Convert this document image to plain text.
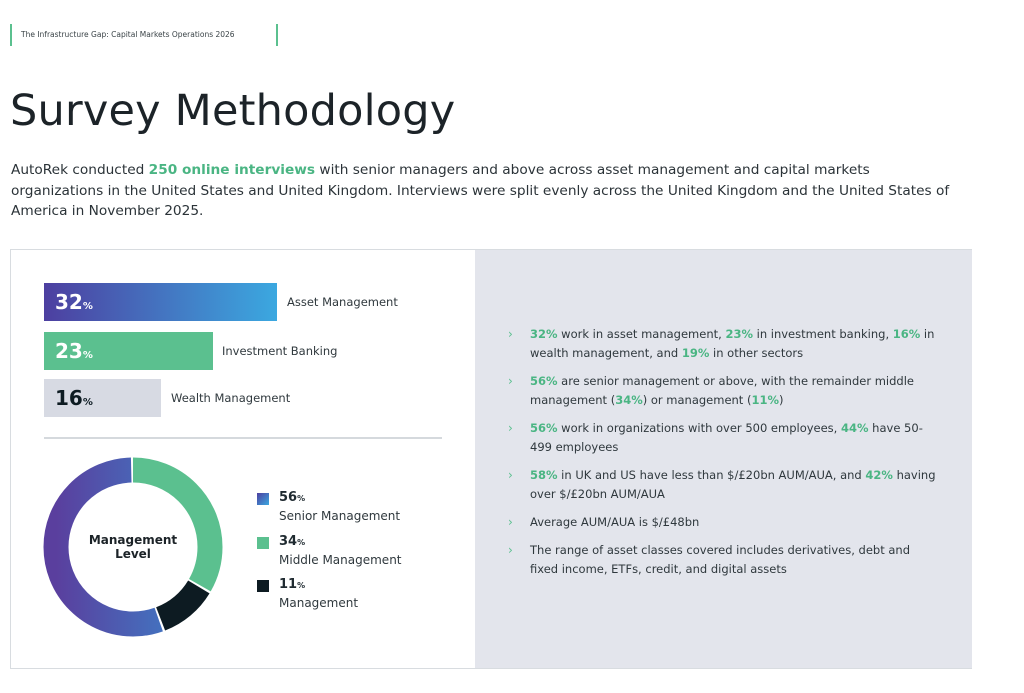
The Infrastructure Gap: Capital Markets Operations 2026
Survey Methodology

AutoRek conducted 250 online interviews with senior managers and above across asset management and capital markets organizations in the United States and United Kingdom. Interviews were split evenly across the United Kingdom and the United States of America in November 2025.

32%	Asset Management
23%	Investment Banking
16%	Wealth Management
Management
Level
56%
Senior Management
34%
Middle Management
11%
Management
› 32% work in asset management, 23% in investment banking, 16% in wealth management, and 19% in other sectors
› 56% are senior management or above, with the remainder middle management (34%) or management (11%)
› 56% work in organizations with over 500 employees, 44% have 50-499 employees
› 58% in UK and US have less than $/£20bn AUM/AUA, and 42% having over $/£20bn AUM/AUA
› Average AUM/AUA is $/£48bn
› The range of asset classes covered includes derivatives, debt and fixed income, ETFs, credit, and digital assets
